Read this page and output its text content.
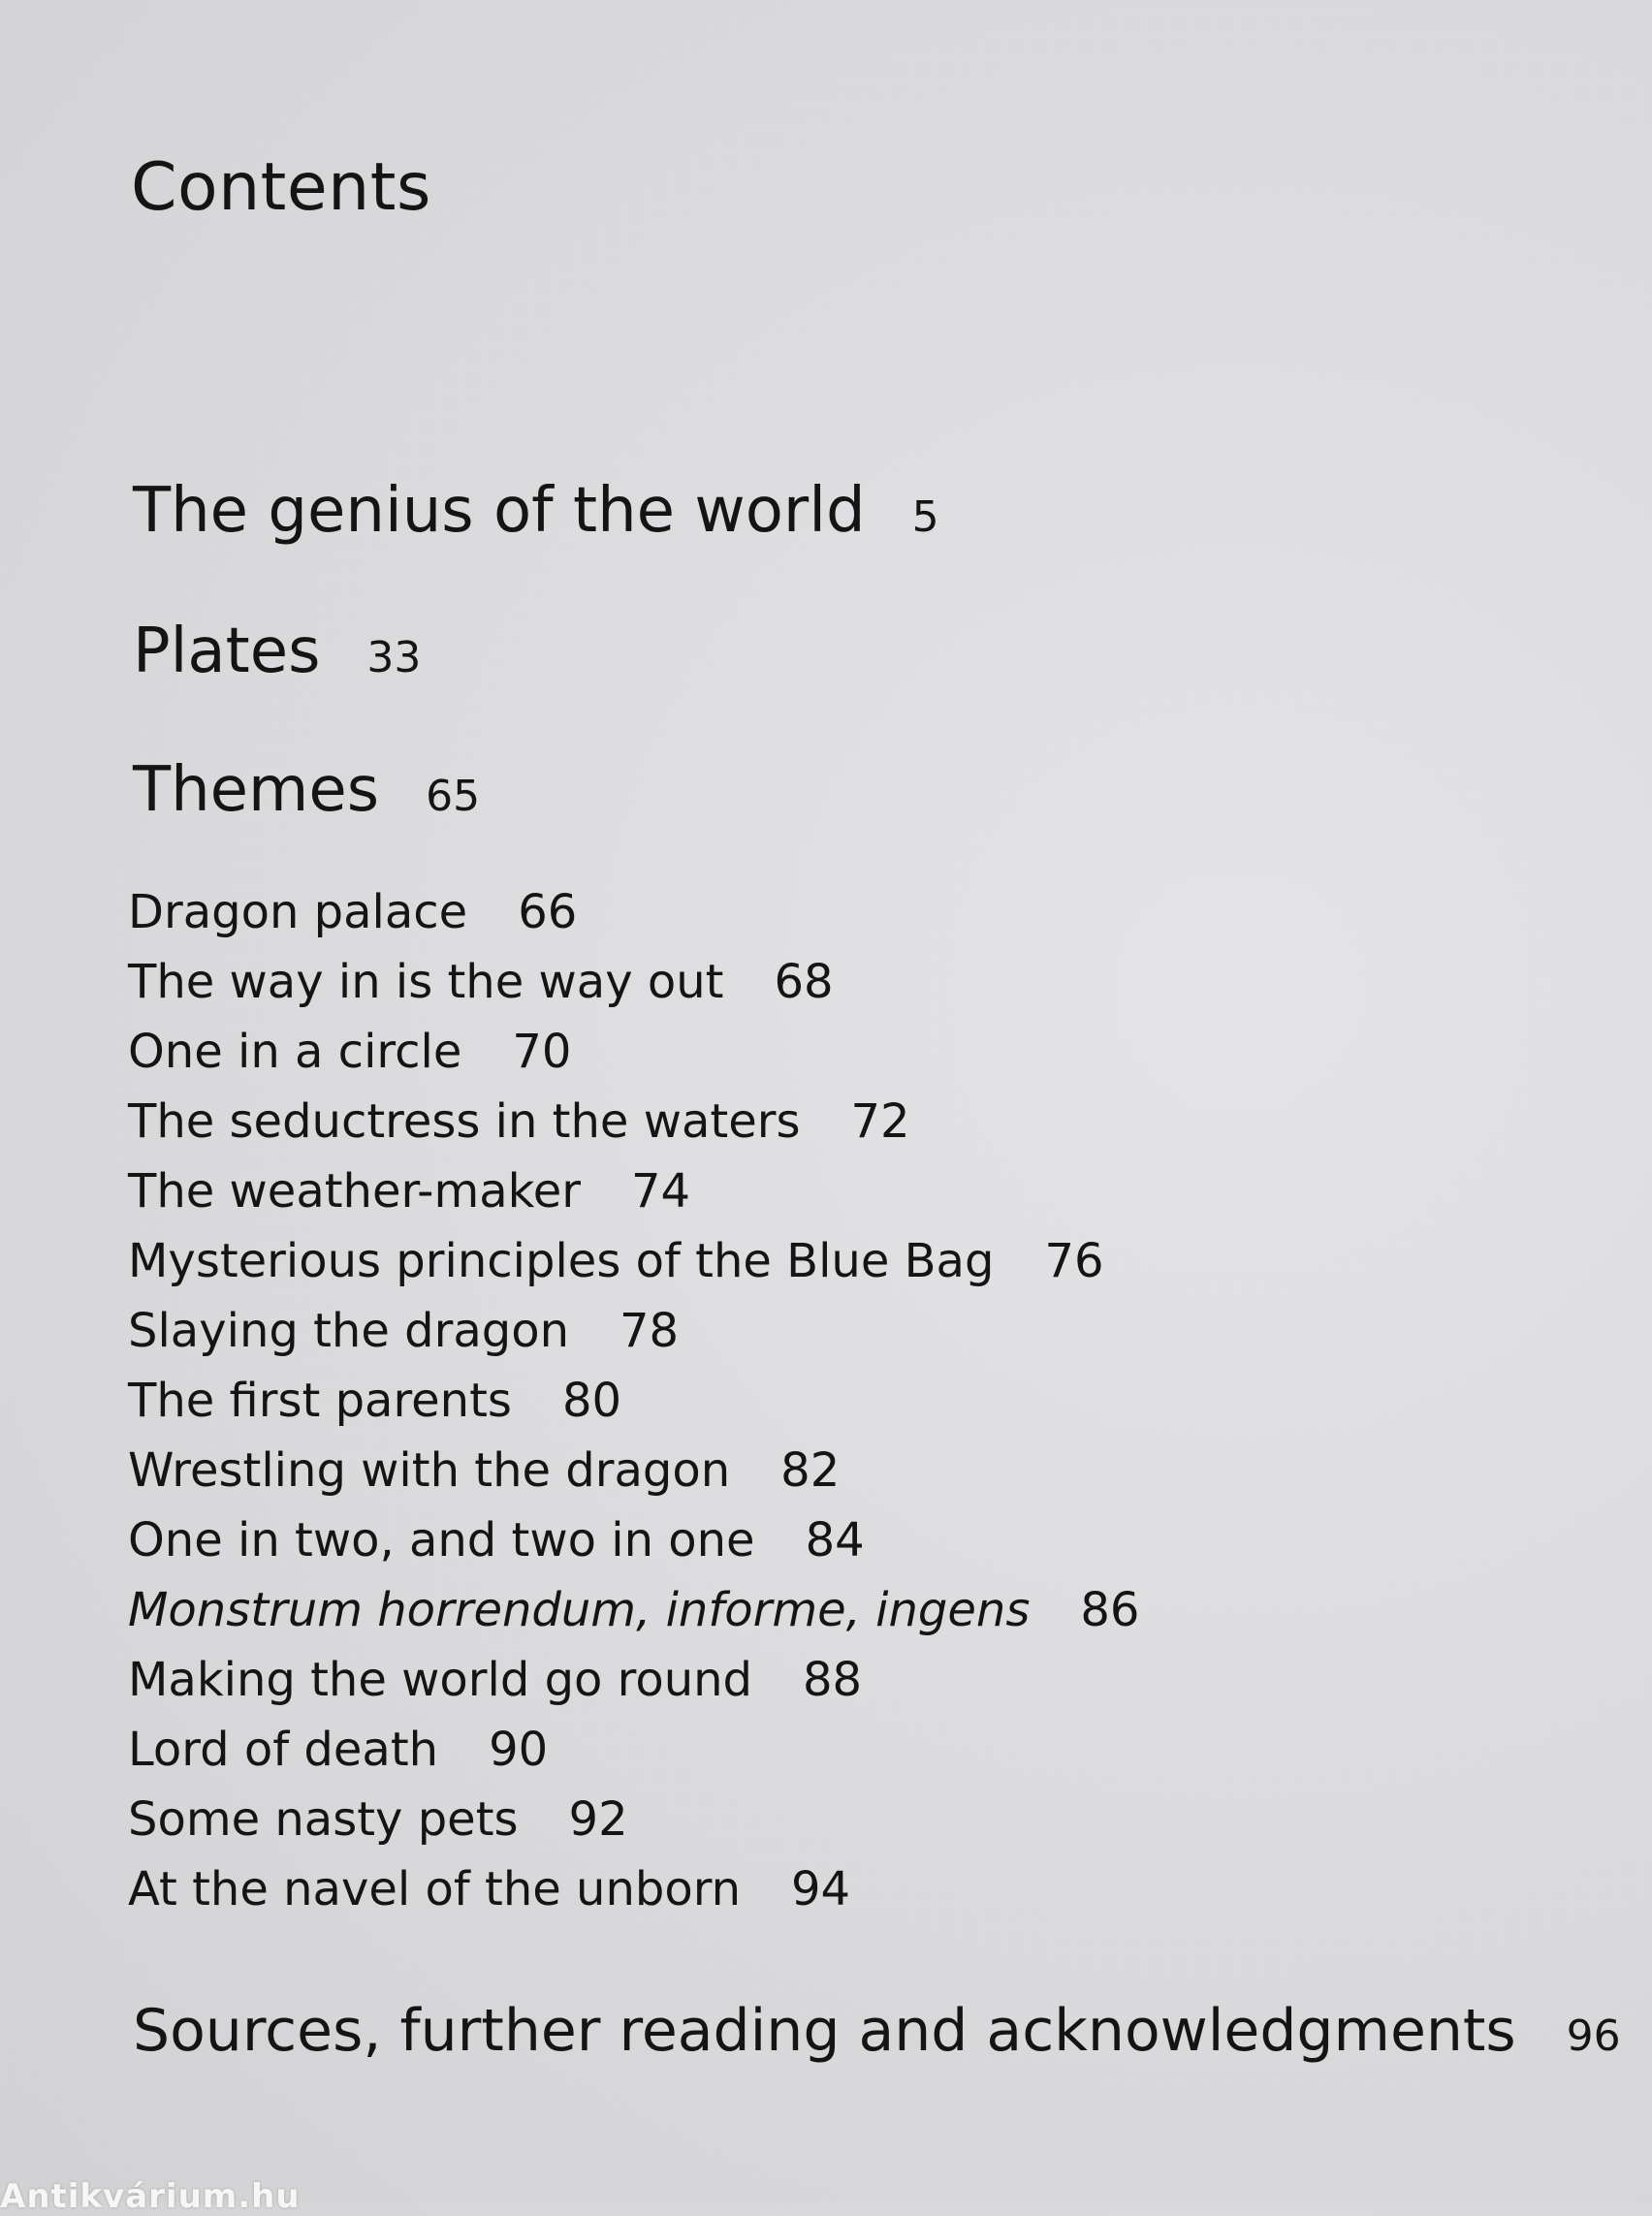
Contents
The genius of the world 5
Plates 33
Themes 65
Dragon palace 66
The way in is the way out 68
One in a circle 70
The seductress in the waters 72
The weather-maker 74
Mysterious principles of the Blue Bag 76
Slaying the dragon 78
The first parents 80
Wrestling with the dragon 82
One in two, and two in one 84
Monstrum horrendum, informe, ingens 86
Making the world go round 88
Lord of death 90
Some nasty pets 92
At the navel of the unborn 94
Sources, further reading and acknowledgments 96
Antikvárium.hu
